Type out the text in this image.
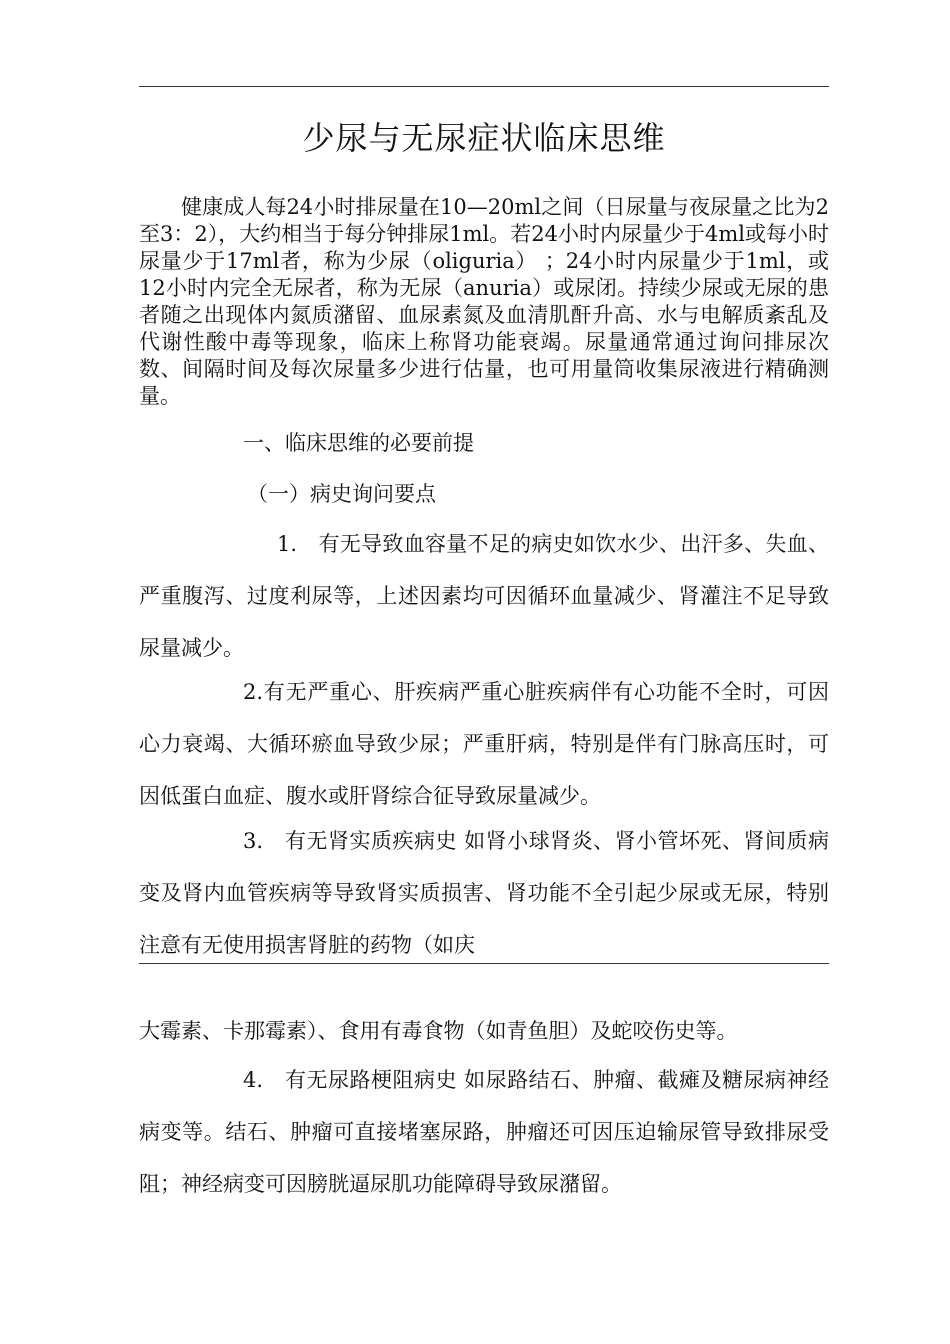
少尿与无尿症状临床思维

健康成人每24小时排尿量在10—20ml之间（日尿量与夜尿量之比为2至3：2），大约相当于每分钟排尿1ml。若24小时内尿量少于4ml或每小时尿量少于17ml者，称为少尿（oliguria） ；24小时内尿量少于1ml，或12小时内完全无尿者，称为无尿（anuria）或尿闭。持续少尿或无尿的患者随之出现体内氮质潴留、血尿素氮及血清肌酐升高、水与电解质紊乱及代谢性酸中毒等现象，临床上称肾功能衰竭。尿量通常通过询问排尿次数、间隔时间及每次尿量多少进行估量，也可用量筒收集尿液进行精确测量。

一、临床思维的必要前提
（一）病史询问要点

1.　有无导致血容量不足的病史如饮水少、出汗多、失血、严重腹泻、过度利尿等，上述因素均可因循环血量减少、肾灌注不足导致尿量减少。

2.有无严重心、肝疾病严重心脏疾病伴有心功能不全时，可因心力衰竭、大循环瘀血导致少尿；严重肝病，特别是伴有门脉高压时，可因低蛋白血症、腹水或肝肾综合征导致尿量减少。

3.　有无肾实质疾病史 如肾小球肾炎、肾小管坏死、肾间质病变及肾内血管疾病等导致肾实质损害、肾功能不全引起少尿或无尿，特别注意有无使用损害肾脏的药物（如庆

大霉素、卡那霉素）、食用有毒食物（如青鱼胆）及蛇咬伤史等。

4.　有无尿路梗阻病史 如尿路结石、肿瘤、截瘫及糖尿病神经病变等。结石、肿瘤可直接堵塞尿路，肿瘤还可因压迫输尿管导致排尿受阻；神经病变可因膀胱逼尿肌功能障碍导致尿潴留。
